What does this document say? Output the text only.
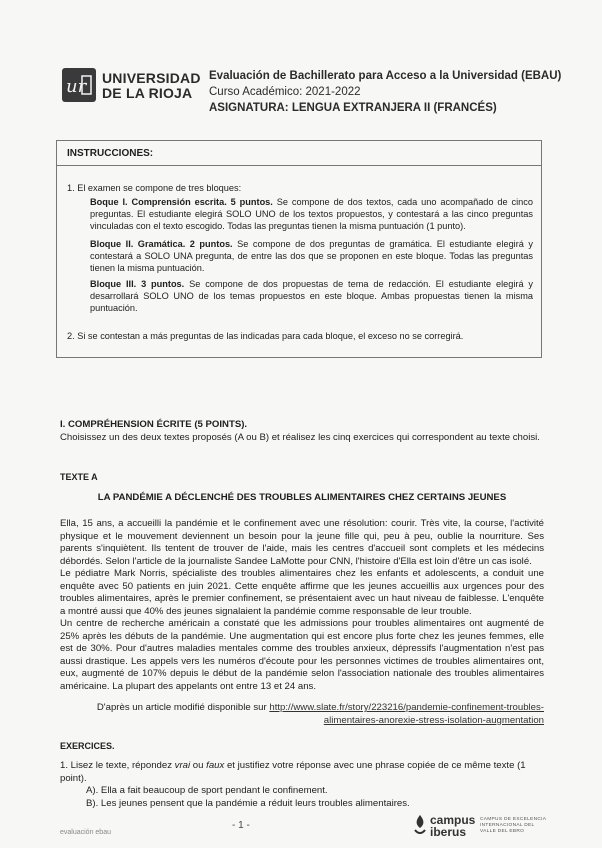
ur UNIVERSIDAD
DE LA RIOJA
Evaluación de Bachillerato para Acceso a la Universidad (EBAU)
Curso Académico: 2021-2022
ASIGNATURA: LENGUA EXTRANJERA II (FRANCÉS)
INSTRUCCIONES:
1. El examen se compone de tres bloques:
Boque I. Comprensión escrita. 5 puntos. Se compone de dos textos, cada uno acompañado de cinco preguntas. El estudiante elegirá SOLO UNO de los textos propuestos, y contestará a las cinco preguntas vinculadas con el texto escogido. Todas las preguntas tienen la misma puntuación (1 punto).
Bloque II. Gramática. 2 puntos. Se compone de dos preguntas de gramática. El estudiante elegirá y contestará a SOLO UNA pregunta, de entre las dos que se proponen en este bloque. Todas las preguntas tienen la misma puntuación.
Bloque III. 3 puntos. Se compone de dos propuestas de tema de redacción. El estudiante elegirá y desarrollará SOLO UNO de los temas propuestos en este bloque. Ambas propuestas tienen la misma puntuación.
2. Si se contestan a más preguntas de las indicadas para cada bloque, el exceso no se corregirá.
I. COMPRÉHENSION ÉCRITE (5 POINTS).
Choisissez un des deux textes proposés (A ou B) et réalisez les cinq exercices qui correspondent au texte choisi.
TEXTE A
LA PANDÉMIE A DÉCLENCHÉ DES TROUBLES ALIMENTAIRES CHEZ CERTAINS JEUNES
Ella, 15 ans, a accueilli la pandémie et le confinement avec une résolution: courir. Très vite, la course, l'activité physique et le mouvement deviennent un besoin pour la jeune fille qui, peu à peu, oublie la nourriture. Ses parents s'inquiètent. Ils tentent de trouver de l'aide, mais les centres d'accueil sont complets et les médecins débordés. Selon l'article de la journaliste Sandee LaMotte pour CNN, l'histoire d'Ella est loin d'être un cas isolé.
Le pédiatre Mark Norris, spécialiste des troubles alimentaires chez les enfants et adolescents, a conduit une enquête avec 50 patients en juin 2021. Cette enquête affirme que les jeunes accueillis aux urgences pour des troubles alimentaires, après le premier confinement, se présentaient avec un haut niveau de faiblesse. L'enquête a montré aussi que 40% des jeunes signalaient la pandémie comme responsable de leur trouble.
Un centre de recherche américain a constaté que les admissions pour troubles alimentaires ont augmenté de 25% après les débuts de la pandémie. Une augmentation qui est encore plus forte chez les jeunes femmes, elle est de 30%. Pour d'autres maladies mentales comme des troubles anxieux, dépressifs l'augmentation n'est pas aussi drastique. Les appels vers les numéros d'écoute pour les personnes victimes de troubles alimentaires ont, eux, augmenté de 107% depuis le début de la pandémie selon l'association nationale des troubles alimentaires américaine. La plupart des appelants ont entre 13 et 24 ans.
D'après un article modifié disponible sur http://www.slate.fr/story/223216/pandemie-confinement-troubles-
alimentaires-anorexie-stress-isolation-augmentation
EXERCICES.
1. Lisez le texte, répondez vrai ou faux et justifiez votre réponse avec une phrase copiée de ce même texte (1 point).
A). Ella a fait beaucoup de sport pendant le confinement.
B). Les jeunes pensent que la pandémie a réduit leurs troubles alimentaires.
evaluación ebau
- 1 -	campus
iberus
CAMPUS DE EXCELENCIA INTERNACIONAL DEL VALLE DEL EBRO
